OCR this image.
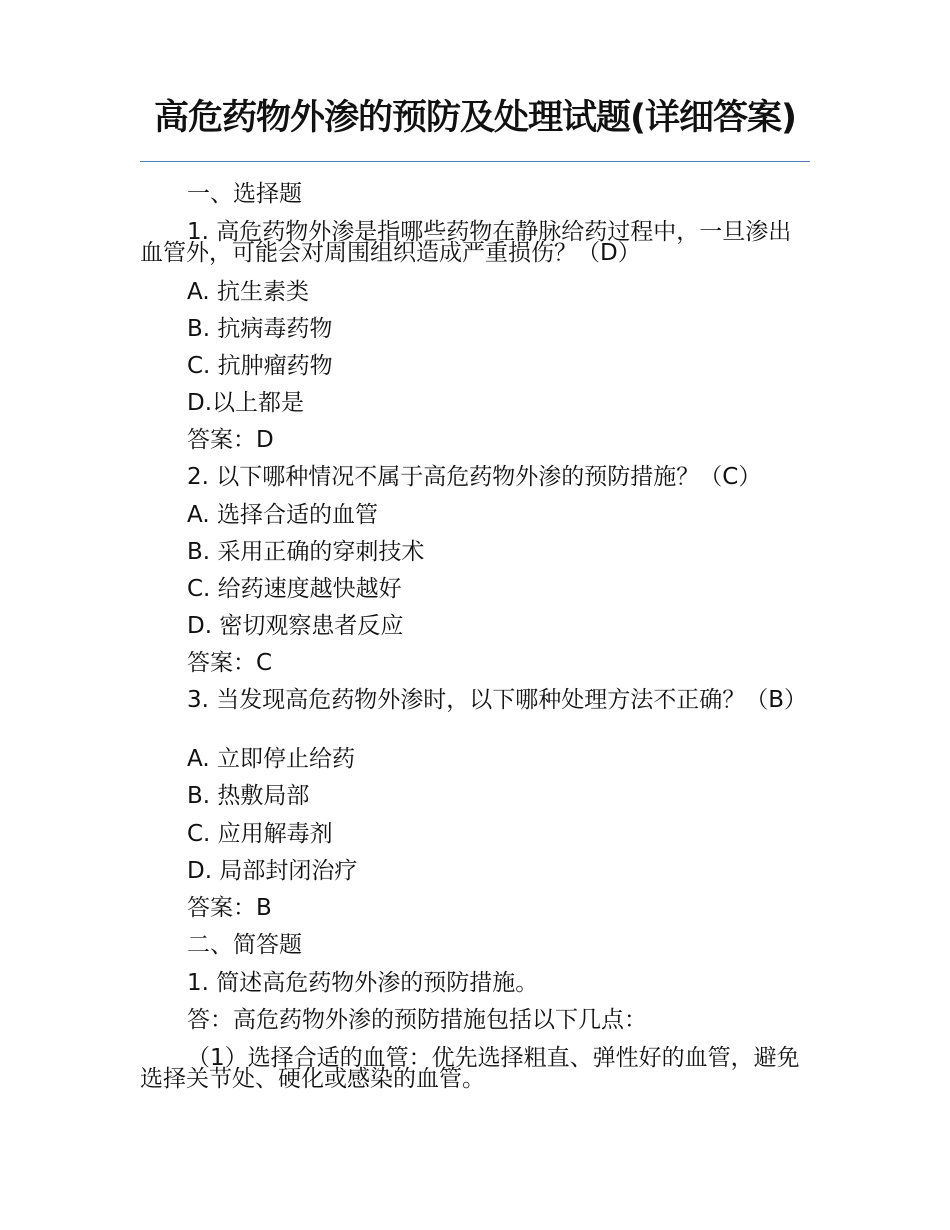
高危药物外渗的预防及处理试题(详细答案)

一、选择题

1. 高危药物外渗是指哪些药物在静脉给药过程中，一旦渗出血管外，可能会对周围组织造成严重损伤？（D）

A. 抗生素类

B. 抗病毒药物

C. 抗肿瘤药物

D.以上都是

答案：D

2. 以下哪种情况不属于高危药物外渗的预防措施？（C）

A. 选择合适的血管

B. 采用正确的穿刺技术

C. 给药速度越快越好

D. 密切观察患者反应

答案：C

3. 当发现高危药物外渗时，以下哪种处理方法不正确？（B）

A. 立即停止给药

B. 热敷局部

C. 应用解毒剂

D. 局部封闭治疗

答案：B

二、简答题

1. 简述高危药物外渗的预防措施。

答：高危药物外渗的预防措施包括以下几点：

（1）选择合适的血管：优先选择粗直、弹性好的血管，避免选择关节处、硬化或感染的血管。
